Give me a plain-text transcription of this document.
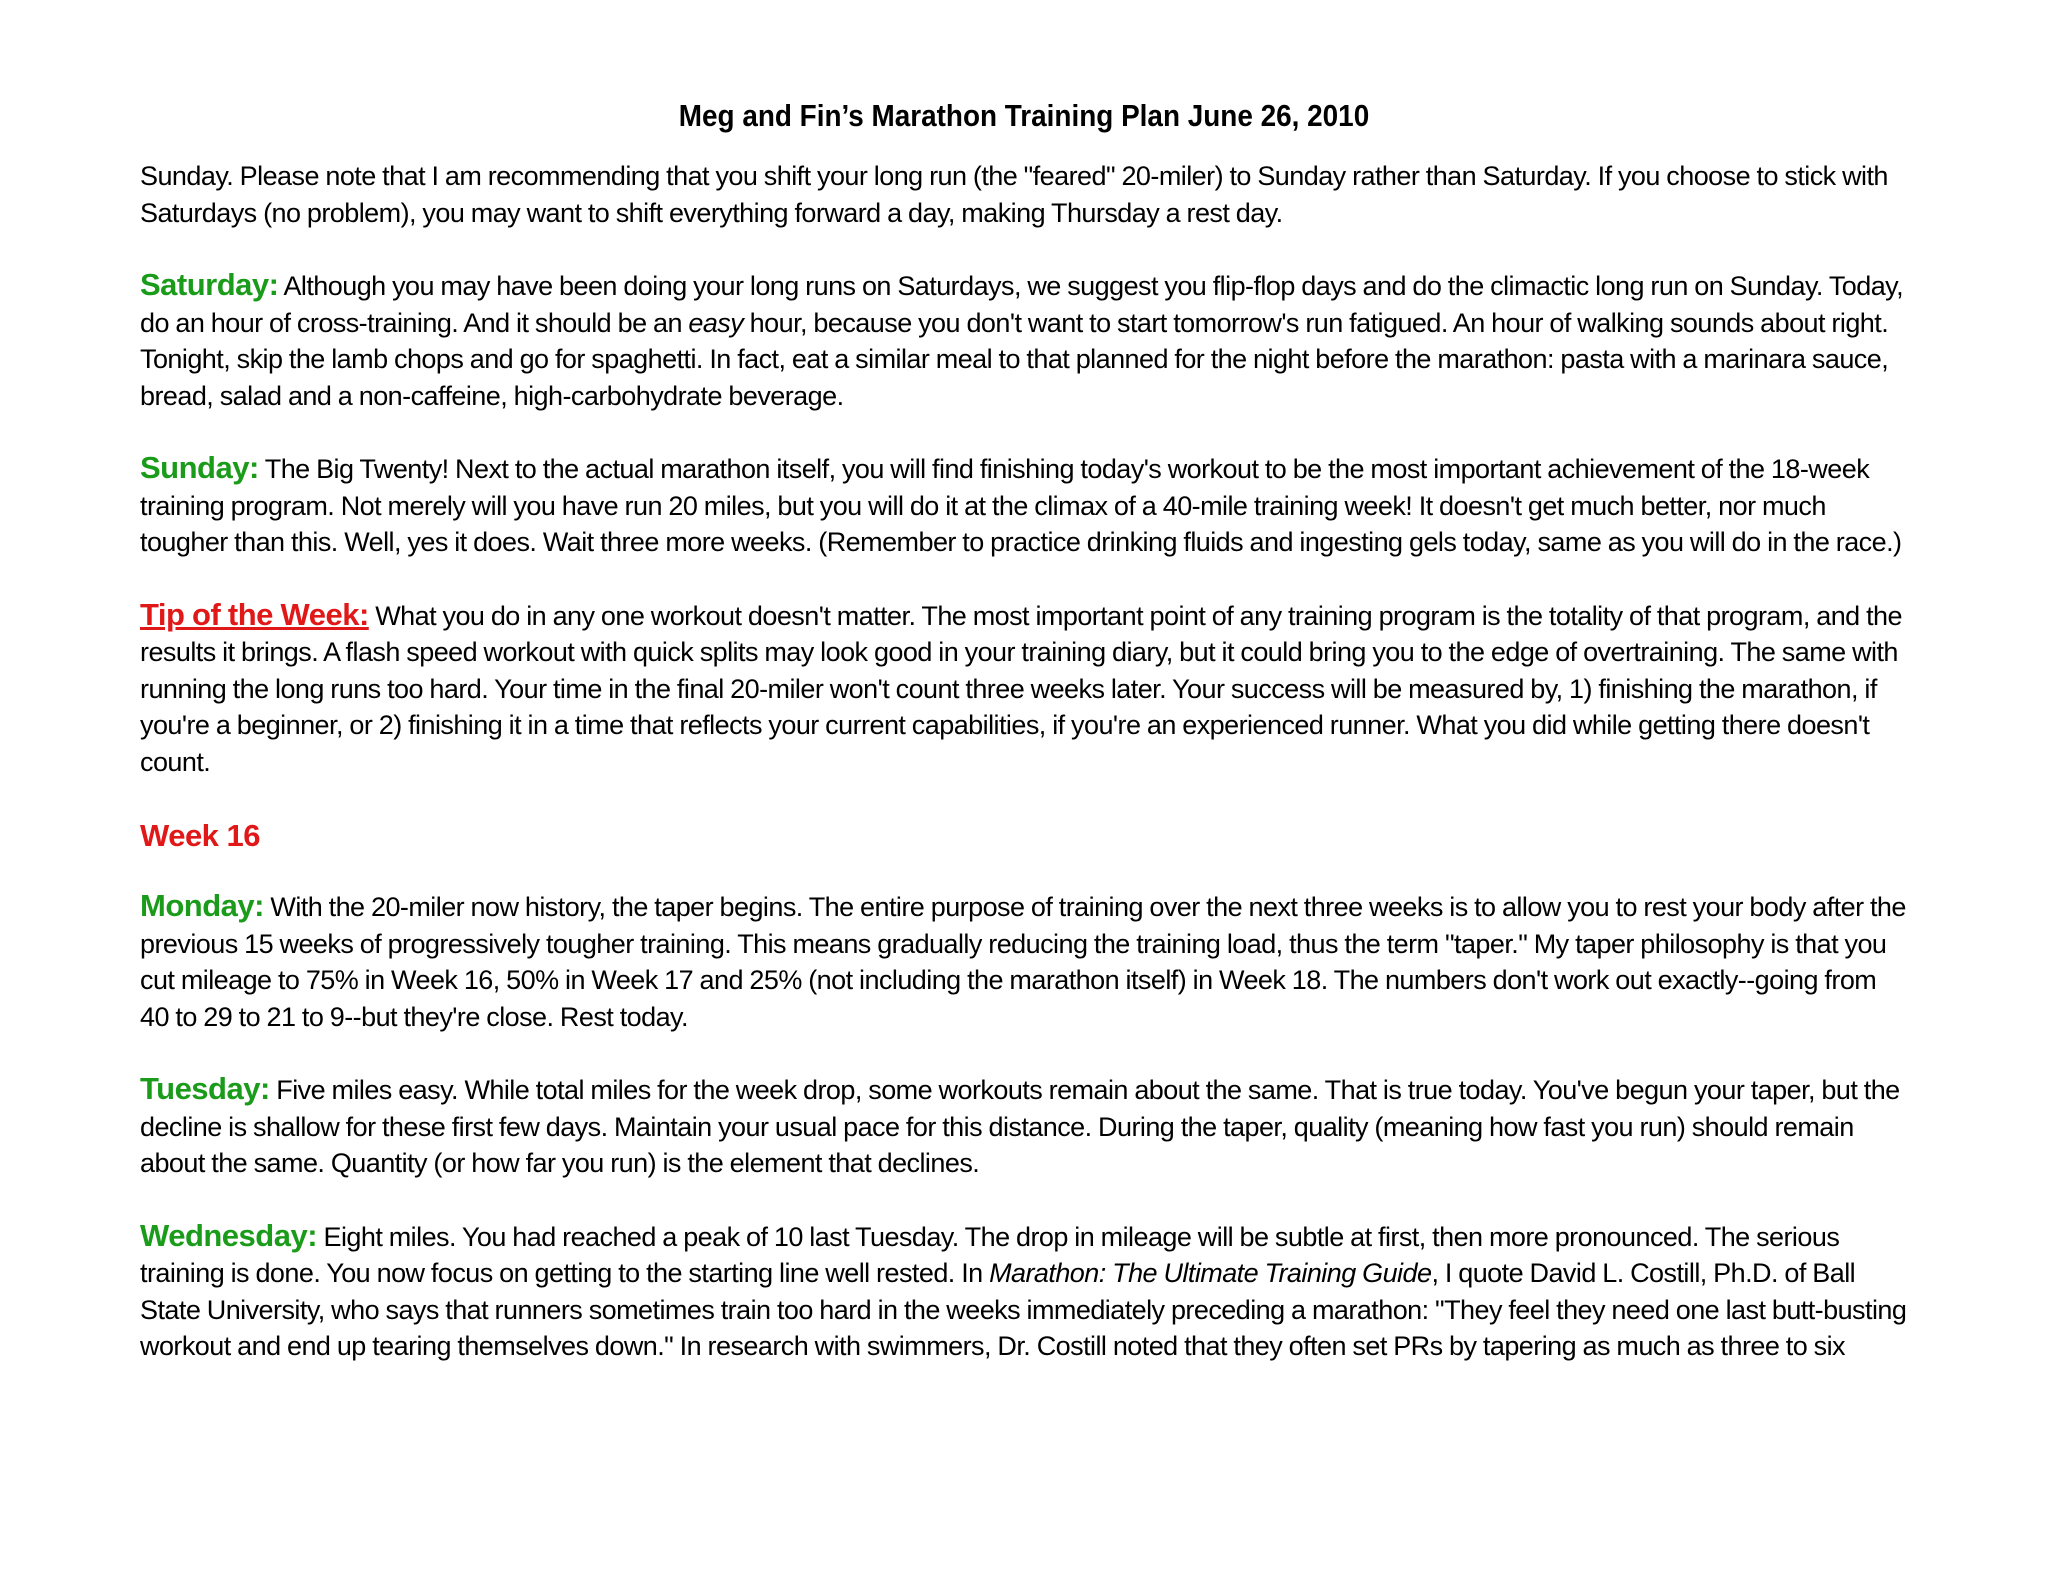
Meg and Fin’s Marathon Training Plan June 26, 2010

Sunday. Please note that I am recommending that you shift your long run (the "feared" 20-miler) to Sunday rather than Saturday. If you choose to stick with Saturdays (no problem), you may want to shift everything forward a day, making Thursday a rest day.

Saturday: Although you may have been doing your long runs on Saturdays, we suggest you flip-flop days and do the climactic long run on Sunday. Today, do an hour of cross-training. And it should be an easy hour, because you don't want to start tomorrow's run fatigued. An hour of walking sounds about right. Tonight, skip the lamb chops and go for spaghetti. In fact, eat a similar meal to that planned for the night before the marathon: pasta with a marinara sauce, bread, salad and a non-caffeine, high-carbohydrate beverage.

Sunday: The Big Twenty! Next to the actual marathon itself, you will find finishing today's workout to be the most important achievement of the 18-week training program. Not merely will you have run 20 miles, but you will do it at the climax of a 40-mile training week! It doesn't get much better, nor much tougher than this. Well, yes it does. Wait three more weeks. (Remember to practice drinking fluids and ingesting gels today, same as you will do in the race.)

Tip of the Week: What you do in any one workout doesn't matter. The most important point of any training program is the totality of that program, and the results it brings. A flash speed workout with quick splits may look good in your training diary, but it could bring you to the edge of overtraining. The same with running the long runs too hard. Your time in the final 20-miler won't count three weeks later. Your success will be measured by, 1) finishing the marathon, if you're a beginner, or 2) finishing it in a time that reflects your current capabilities, if you're an experienced runner. What you did while getting there doesn't count.

Week 16

Monday: With the 20-miler now history, the taper begins. The entire purpose of training over the next three weeks is to allow you to rest your body after the previous 15 weeks of progressively tougher training. This means gradually reducing the training load, thus the term "taper." My taper philosophy is that you cut mileage to 75% in Week 16, 50% in Week 17 and 25% (not including the marathon itself) in Week 18. The numbers don't work out exactly--going from 40 to 29 to 21 to 9--but they're close. Rest today.

Tuesday: Five miles easy. While total miles for the week drop, some workouts remain about the same. That is true today. You've begun your taper, but the decline is shallow for these first few days. Maintain your usual pace for this distance. During the taper, quality (meaning how fast you run) should remain about the same. Quantity (or how far you run) is the element that declines.

Wednesday: Eight miles. You had reached a peak of 10 last Tuesday. The drop in mileage will be subtle at first, then more pronounced. The serious training is done. You now focus on getting to the starting line well rested. In Marathon: The Ultimate Training Guide, I quote David L. Costill, Ph.D. of Ball State University, who says that runners sometimes train too hard in the weeks immediately preceding a marathon: "They feel they need one last butt-busting workout and end up tearing themselves down." In research with swimmers, Dr. Costill noted that they often set PRs by tapering as much as three to six
